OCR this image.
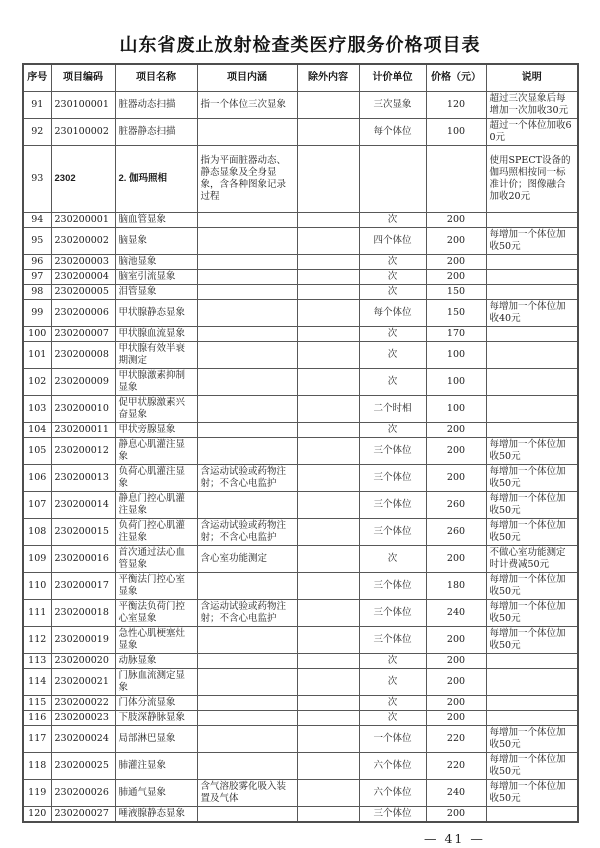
山东省废止放射检查类医疗服务价格项目表
序号	项目编码	项目名称	项目内涵	除外内容	计价单位	价格（元）	说明
91	230100001	脏器动态扫描	指一个体位三次显象		三次显象	120	超过三次显象后每增加一次加收30元
92	230100002	脏器静态扫描			每个体位	100	超过一个体位加收60元
93	2302	2. 伽玛照相	指为平面脏器动态、静态显象及全身显象，含各种图象记录过程				使用SPECT设备的伽玛照相按同一标准计价；图像融合加收20元
94	230200001	脑血管显象			次	200	
95	230200002	脑显象			四个体位	200	每增加一个体位加收50元
96	230200003	脑池显象			次	200	
97	230200004	脑室引流显象			次	200	
98	230200005	泪管显象			次	150	
99	230200006	甲状腺静态显象			每个体位	150	每增加一个体位加收40元
100	230200007	甲状腺血流显象			次	170	
101	230200008	甲状腺有效半衰期测定			次	100	
102	230200009	甲状腺激素抑制显象			次	100	
103	230200010	促甲状腺激素兴奋显象			二个时相	100	
104	230200011	甲状旁腺显象			次	200	
105	230200012	静息心肌灌注显象			三个体位	200	每增加一个体位加收50元
106	230200013	负荷心肌灌注显象	含运动试验或药物注射；不含心电监护		三个体位	200	每增加一个体位加收50元
107	230200014	静息门控心肌灌注显象			三个体位	260	每增加一个体位加收50元
108	230200015	负荷门控心肌灌注显象	含运动试验或药物注射；不含心电监护		三个体位	260	每增加一个体位加收50元
109	230200016	首次通过法心血管显象	含心室功能测定		次	200	不做心室功能测定时计费减50元
110	230200017	平衡法门控心室显象			三个体位	180	每增加一个体位加收50元
111	230200018	平衡法负荷门控心室显象	含运动试验或药物注射；不含心电监护		三个体位	240	每增加一个体位加收50元
112	230200019	急性心肌梗塞灶显象			三个体位	200	每增加一个体位加收50元
113	230200020	动脉显象			次	200	
114	230200021	门脉血流测定显象			次	200	
115	230200022	门体分流显象			次	200	
116	230200023	下肢深静脉显象			次	200	
117	230200024	局部淋巴显象			一个体位	220	每增加一个体位加收50元
118	230200025	肺灌注显象			六个体位	220	每增加一个体位加收50元
119	230200026	肺通气显象	含气溶胶雾化吸入装置及气体		六个体位	240	每增加一个体位加收50元
120	230200027	唾液腺静态显象			三个体位	200	
— 41 —
